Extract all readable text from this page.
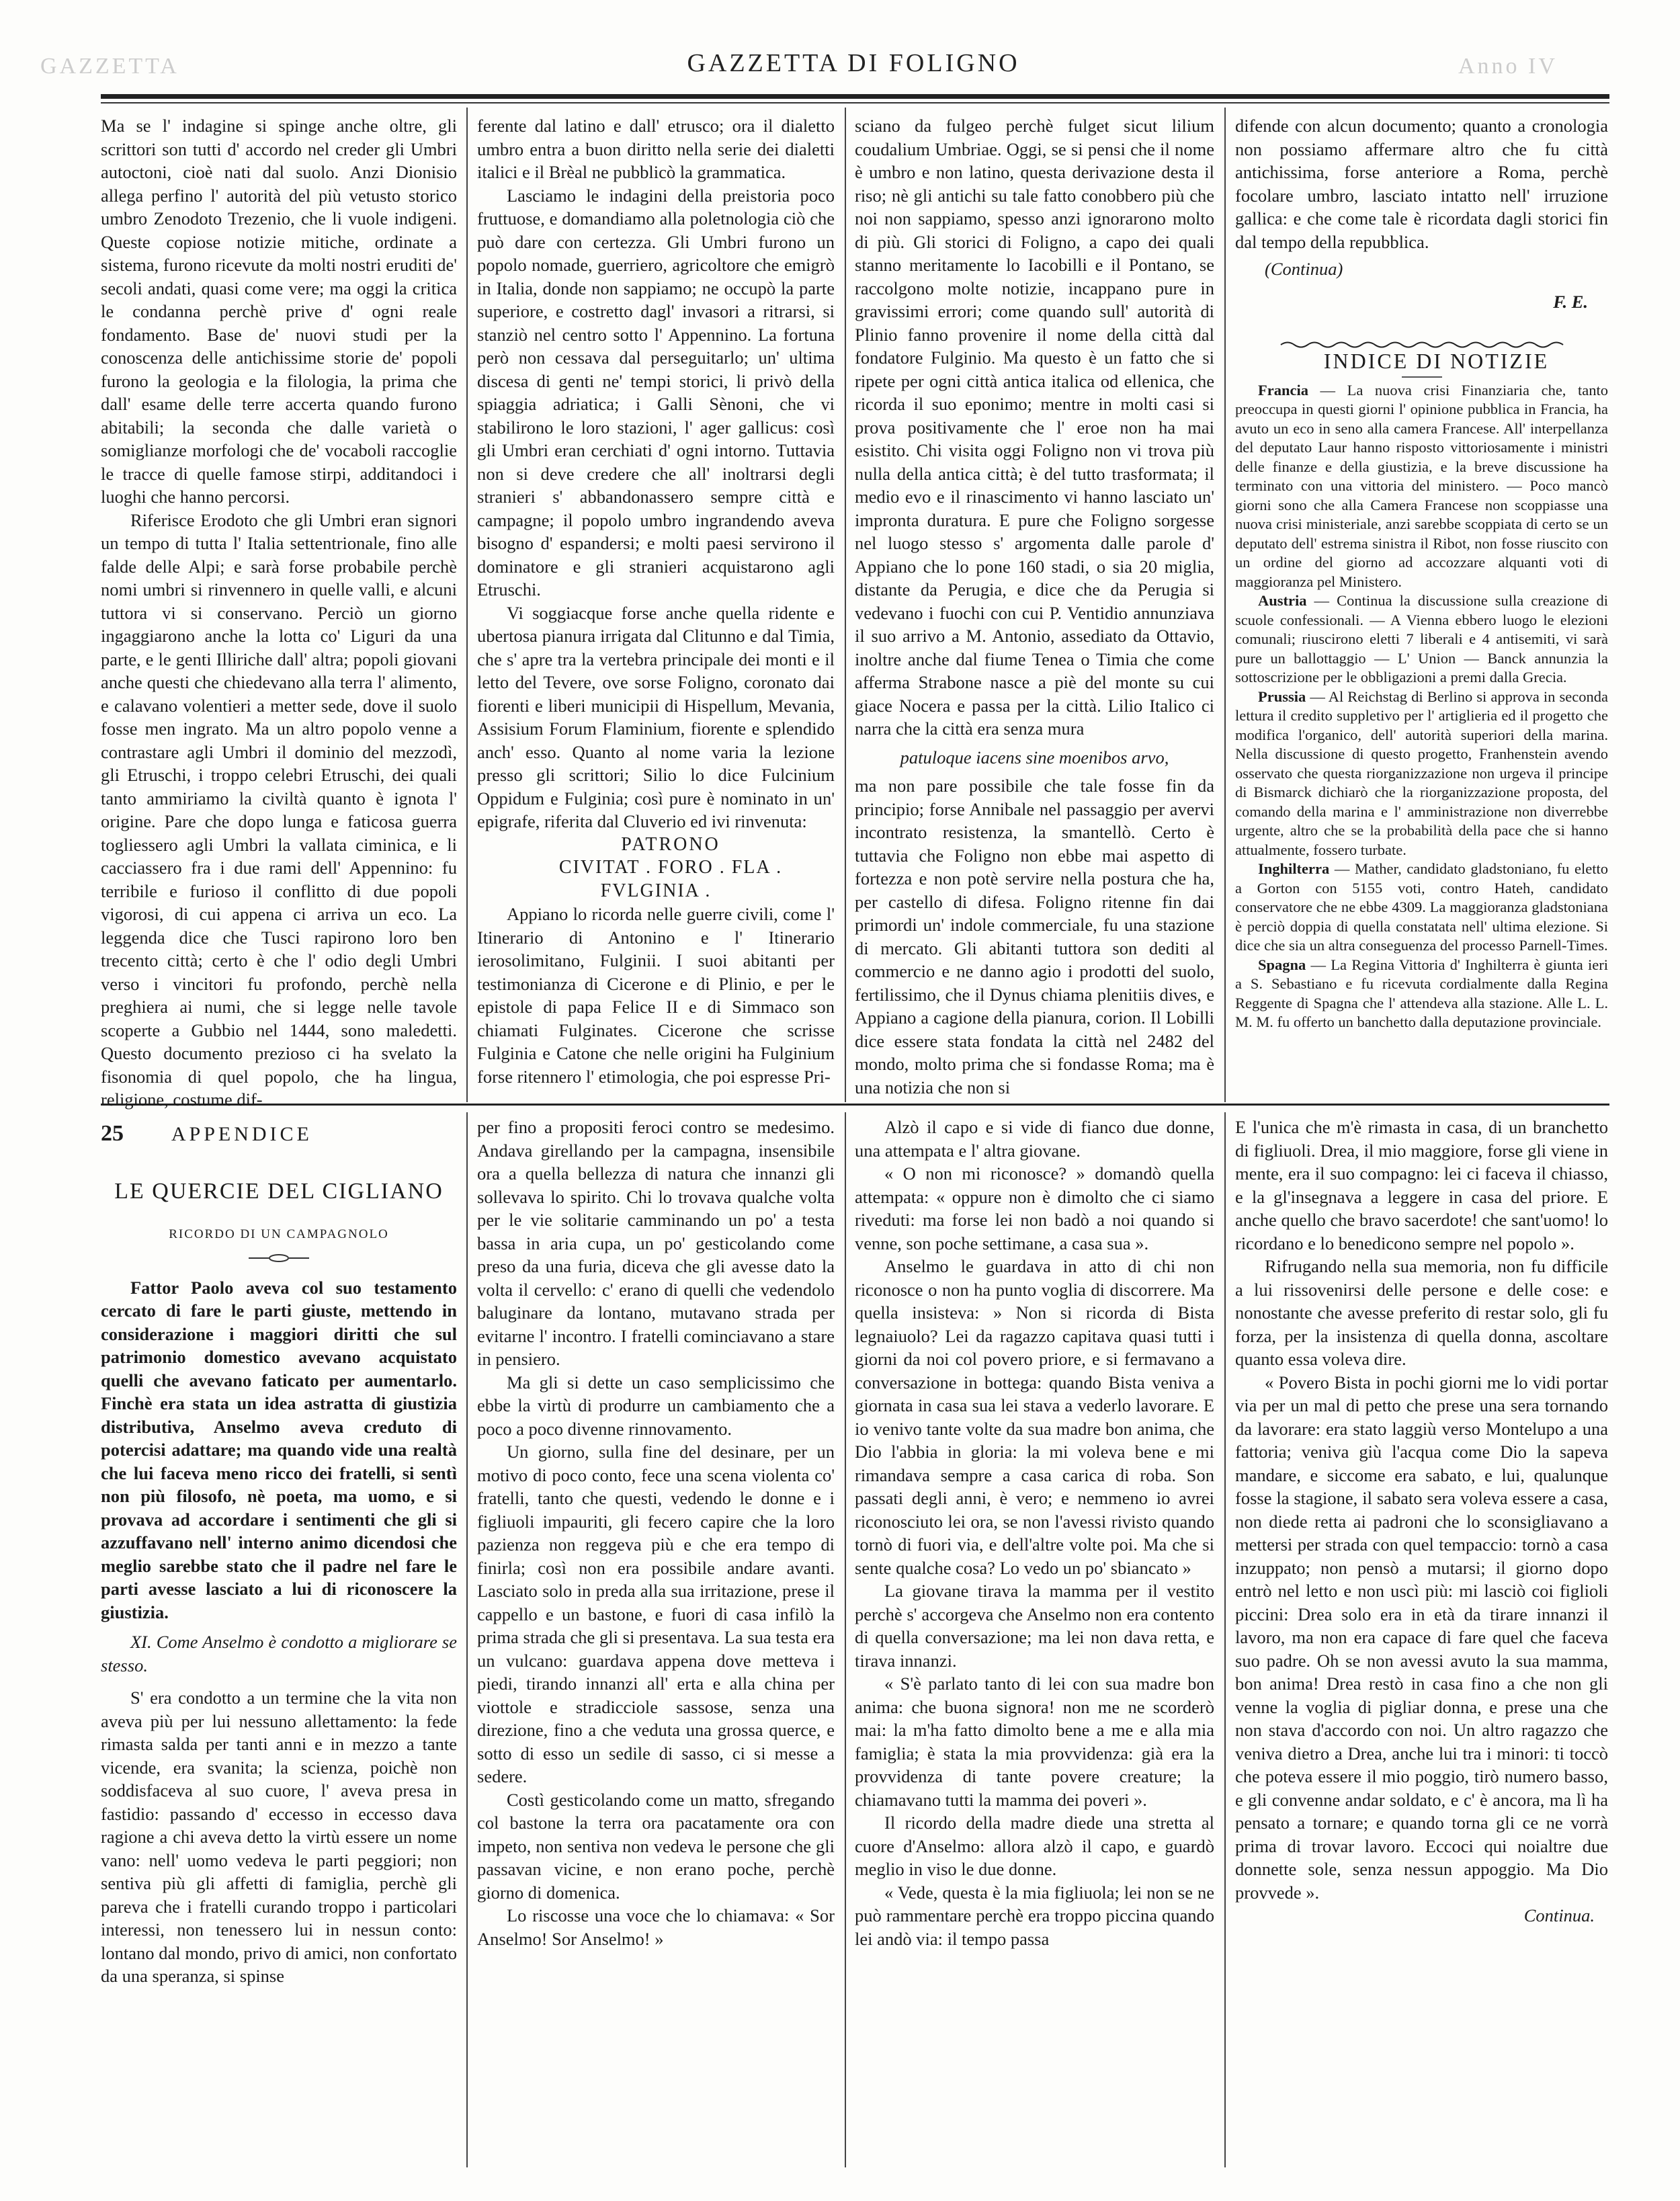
GAZZETTA	GAZZETTA DI FOLIGNO	Anno IV

Ma se l' indagine si spinge anche oltre, gli scrittori son tutti d' accordo nel creder gli Umbri autoctoni, cioè nati dal suolo. Anzi Dionisio allega perfino l' autorità del più vetusto storico umbro Zenodoto Trezenio, che li vuole indigeni. Queste copiose notizie mitiche, ordinate a sistema, furono ricevute da molti nostri eruditi de' secoli andati, quasi come vere; ma oggi la critica le condanna perchè prive d' ogni reale fondamento. Base de' nuovi studi per la conoscenza delle antichissime storie de' popoli furono la geologia e la filologia, la prima che dall' esame delle terre accerta quando furono abitabili; la seconda che dalle varietà o somiglianze morfologi che de' vocaboli raccoglie le tracce di quelle famose stirpi, additandoci i luoghi che hanno percorsi.

Riferisce Erodoto che gli Umbri eran signori un tempo di tutta l' Italia settentrionale, fino alle falde delle Alpi; e sarà forse probabile perchè nomi umbri si rinvennero in quelle valli, e alcuni tuttora vi si conservano. Perciò un giorno ingaggiarono anche la lotta co' Liguri da una parte, e le genti Illiriche dall' altra; popoli giovani anche questi che chiedevano alla terra l' alimento, e calavano volentieri a metter sede, dove il suolo fosse men ingrato. Ma un altro popolo venne a contrastare agli Umbri il dominio del mezzodì, gli Etruschi, i troppo celebri Etruschi, dei quali tanto ammiriamo la civiltà quanto è ignota l' origine. Pare che dopo lunga e faticosa guerra togliessero agli Umbri la vallata ciminica, e li cacciassero fra i due rami dell' Appennino: fu terribile e furioso il conflitto di due popoli vigorosi, di cui appena ci arriva un eco. La leggenda dice che Tusci rapirono loro ben trecento città; certo è che l' odio degli Umbri verso i vincitori fu profondo, perchè nella preghiera ai numi, che si legge nelle tavole scoperte a Gubbio nel 1444, sono maledetti. Questo documento prezioso ci ha svelato la fisonomia di quel popolo, che ha lingua, religione, costume dif-

ferente dal latino e dall' etrusco; ora il dialetto umbro entra a buon diritto nella serie dei dialetti italici e il Brèal ne pubblicò la grammatica.

Lasciamo le indagini della preistoria poco fruttuose, e domandiamo alla poletnologia ciò che può dare con certezza. Gli Umbri furono un popolo nomade, guerriero, agricoltore che emigrò in Italia, donde non sappiamo; ne occupò la parte superiore, e costretto dagl' invasori a ritrarsi, si stanziò nel centro sotto l' Appennino. La fortuna però non cessava dal perseguitarlo; un' ultima discesa di genti ne' tempi storici, li privò della spiaggia adriatica; i Galli Sènoni, che vi stabilirono le loro stazioni, l' ager gallicus: così gli Umbri eran cerchiati d' ogni intorno. Tuttavia non si deve credere che all' inoltrarsi degli stranieri s' abbandonassero sempre città e campagne; il popolo umbro ingrandendo aveva bisogno d' espandersi; e molti paesi servirono il dominatore e gli stranieri acquistarono agli Etruschi.

Vi soggiacque forse anche quella ridente e ubertosa pianura irrigata dal Clitunno e dal Timia, che s' apre tra la vertebra principale dei monti e il letto del Tevere, ove sorse Foligno, coronato dai fiorenti e liberi municipii di Hispellum, Mevania, Assisium Forum Flaminium, fiorente e splendido anch' esso. Quanto al nome varia la lezione presso gli scrittori; Silio lo dice Fulcinium Oppidum e Fulginia; così pure è nominato in un' epigrafe, riferita dal Cluverio ed ivi rinvenuta:

PATRONO

CIVITAT . FORO . FLA . FVLGINIA .

Appiano lo ricorda nelle guerre civili, come l' Itinerario di Antonino e l' Itinerario ierosolimitano, Fulginii. I suoi abitanti per testimonianza di Cicerone e di Plinio, e per le epistole di papa Felice II e di Simmaco son chiamati Fulginates. Cicerone che scrisse Fulginia e Catone che nelle origini ha Fulginium forse ritennero l' etimologia, che poi espresse Pri-

sciano da fulgeo perchè fulget sicut lilium coudalium Umbriae. Oggi, se si pensi che il nome è umbro e non latino, questa derivazione desta il riso; nè gli antichi su tale fatto conobbero più che noi non sappiamo, spesso anzi ignorarono molto di più. Gli storici di Foligno, a capo dei quali stanno meritamente lo Iacobilli e il Pontano, se raccolgono molte notizie, incappano pure in gravissimi errori; come quando sull' autorità di Plinio fanno provenire il nome della città dal fondatore Fulginio. Ma questo è un fatto che si ripete per ogni città antica italica od ellenica, che ricorda il suo eponimo; mentre in molti casi si prova positivamente che l' eroe non ha mai esistito. Chi visita oggi Foligno non vi trova più nulla della antica città; è del tutto trasformata; il medio evo e il rinascimento vi hanno lasciato un' impronta duratura. E pure che Foligno sorgesse nel luogo stesso s' argomenta dalle parole d' Appiano che lo pone 160 stadi, o sia 20 miglia, distante da Perugia, e dice che da Perugia si vedevano i fuochi con cui P. Ventidio annunziava il suo arrivo a M. Antonio, assediato da Ottavio, inoltre anche dal fiume Tenea o Timia che come afferma Strabone nasce a piè del monte su cui giace Nocera e passa per la città. Lilio Italico ci narra che la città era senza mura

patuloque iacens sine moenibos arvo,

ma non pare possibile che tale fosse fin da principio; forse Annibale nel passaggio per avervi incontrato resistenza, la smantellò. Certo è tuttavia che Foligno non ebbe mai aspetto di fortezza e non potè servire nella postura che ha, per castello di difesa. Foligno ritenne fin dai primordi un' indole commerciale, fu una stazione di mercato. Gli abitanti tuttora son dediti al commercio e ne danno agio i prodotti del suolo, fertilissimo, che il Dynus chiama plenitiis dives, e Appiano a cagione della pianura, corion. Il Lobilli dice essere stata fondata la città nel 2482 del mondo, molto prima che si fondasse Roma; ma è una notizia che non si

difende con alcun documento; quanto a cronologia non possiamo affermare altro che fu città antichissima, forse anteriore a Roma, perchè focolare umbro, lasciato intatto nell' irruzione gallica: e che come tale è ricordata dagli storici fin dal tempo della repubblica.

(Continua)

F. E.

INDICE DI NOTIZIE

Francia — La nuova crisi Finanziaria che, tanto preoccupa in questi giorni l' opinione pubblica in Francia, ha avuto un eco in seno alla camera Francese. All' interpellanza del deputato Laur hanno risposto vittoriosamente i ministri delle finanze e della giustizia, e la breve discussione ha terminato con una vittoria del ministero. — Poco mancò giorni sono che alla Camera Francese non scoppiasse una nuova crisi ministeriale, anzi sarebbe scoppiata di certo se un deputato dell' estrema sinistra il Ribot, non fosse riuscito con un ordine del giorno ad accozzare alquanti voti di maggioranza pel Ministero.

Austria — Continua la discussione sulla creazione di scuole confessionali. — A Vienna ebbero luogo le elezioni comunali; riuscirono eletti 7 liberali e 4 antisemiti, vi sarà pure un ballottaggio — L' Union — Banck annunzia la sottoscrizione per le obbligazioni a premi dalla Grecia.

Prussia — Al Reichstag di Berlino si approva in seconda lettura il credito suppletivo per l' artiglieria ed il progetto che modifica l'organico, dell' autorità superiori della marina. Nella discussione di questo progetto, Franhenstein avendo osservato che questa riorganizzazione non urgeva il principe di Bismarck dichiarò che la riorganizzazione proposta, del comando della marina e l' amministrazione non diverrebbe urgente, altro che se la probabilità della pace che si hanno attualmente, fossero turbate.

Inghilterra — Mather, candidato gladstoniano, fu eletto a Gorton con 5155 voti, contro Hateh, candidato conservatore che ne ebbe 4309. La maggioranza gladstoniana è perciò doppia di quella constatata nell' ultima elezione. Si dice che sia un altra conseguenza del processo Parnell-Times.

Spagna — La Regina Vittoria d' Inghilterra è giunta ieri a S. Sebastiano e fu ricevuta cordialmente dalla Regina Reggente di Spagna che l' attendeva alla stazione. Alle L. L. M. M. fu offerto un banchetto dalla deputazione provinciale.

25 APPENDICE
LE QUERCIE DEL CIGLIANO
RICORDO DI UN CAMPAGNOLO

Fattor Paolo aveva col suo testamento cercato di fare le parti giuste, mettendo in considerazione i maggiori diritti che sul patrimonio domestico avevano acquistato quelli che avevano faticato per aumentarlo. Finchè era stata un idea astratta di giustizia distributiva, Anselmo aveva creduto di potercisi adattare; ma quando vide una realtà che lui faceva meno ricco dei fratelli, si sentì non più filosofo, nè poeta, ma uomo, e si provava ad accordare i sentimenti che gli si azzuffavano nell' interno animo dicendosi che meglio sarebbe stato che il padre nel fare le parti avesse lasciato a lui di riconoscere la giustizia.

XI. Come Anselmo è condotto a migliorare se stesso.

S' era condotto a un termine che la vita non aveva più per lui nessuno allettamento: la fede rimasta salda per tanti anni e in mezzo a tante vicende, era svanita; la scienza, poichè non soddisfaceva al suo cuore, l' aveva presa in fastidio: passando d' eccesso in eccesso dava ragione a chi aveva detto la virtù essere un nome vano: nell' uomo vedeva le parti peggiori; non sentiva più gli affetti di famiglia, perchè gli pareva che i fratelli curando troppo i particolari interessi, non tenessero lui in nessun conto: lontano dal mondo, privo di amici, non confortato da una speranza, si spinse

per fino a propositi feroci contro se medesimo. Andava girellando per la campagna, insensibile ora a quella bellezza di natura che innanzi gli sollevava lo spirito. Chi lo trovava qualche volta per le vie solitarie camminando un po' a testa bassa in aria cupa, un po' gesticolando come preso da una furia, diceva che gli avesse dato la volta il cervello: c' erano di quelli che vedendolo baluginare da lontano, mutavano strada per evitarne l' incontro. I fratelli cominciavano a stare in pensiero.

Ma gli si dette un caso semplicissimo che ebbe la virtù di produrre un cambiamento che a poco a poco divenne rinnovamento.

Un giorno, sulla fine del desinare, per un motivo di poco conto, fece una scena violenta co' fratelli, tanto che questi, vedendo le donne e i figliuoli impauriti, gli fecero capire che la loro pazienza non reggeva più e che era tempo di finirla; così non era possibile andare avanti. Lasciato solo in preda alla sua irritazione, prese il cappello e un bastone, e fuori di casa infilò la prima strada che gli si presentava. La sua testa era un vulcano: guardava appena dove metteva i piedi, tirando innanzi all' erta e alla china per viottole e stradicciole sassose, senza una direzione, fino a che veduta una grossa querce, e sotto di esso un sedile di sasso, ci si messe a sedere.

Costì gesticolando come un matto, sfregando col bastone la terra ora pacatamente ora con impeto, non sentiva non vedeva le persone che gli passavan vicine, e non erano poche, perchè giorno di domenica.

Lo riscosse una voce che lo chiamava: « Sor Anselmo! Sor Anselmo! »

Alzò il capo e si vide di fianco due donne, una attempata e l' altra giovane.

« O non mi riconosce? » domandò quella attempata: « oppure non è dimolto che ci siamo riveduti: ma forse lei non badò a noi quando si venne, son poche settimane, a casa sua ».

Anselmo le guardava in atto di chi non riconosce o non ha punto voglia di discorrere. Ma quella insisteva: » Non si ricorda di Bista legnaiuolo? Lei da ragazzo capitava quasi tutti i giorni da noi col povero priore, e si fermavano a conversazione in bottega: quando Bista veniva a giornata in casa sua lei stava a vederlo lavorare. E io venivo tante volte da sua madre bon anima, che Dio l'abbia in gloria: la mi voleva bene e mi rimandava sempre a casa carica di roba. Son passati degli anni, è vero; e nemmeno io avrei riconosciuto lei ora, se non l'avessi rivisto quando tornò di fuori via, e dell'altre volte poi. Ma che si sente qualche cosa? Lo vedo un po' sbiancato »

La giovane tirava la mamma per il vestito perchè s' accorgeva che Anselmo non era contento di quella conversazione; ma lei non dava retta, e tirava innanzi.

« S'è parlato tanto di lei con sua madre bon anima: che buona signora! non me ne scorderò mai: la m'ha fatto dimolto bene a me e alla mia famiglia; è stata la mia provvidenza: già era la provvidenza di tante povere creature; la chiamavano tutti la mamma dei poveri ».

Il ricordo della madre diede una stretta al cuore d'Anselmo: allora alzò il capo, e guardò meglio in viso le due donne.

« Vede, questa è la mia figliuola; lei non se ne può rammentare perchè era troppo piccina quando lei andò via: il tempo passa

E l'unica che m'è rimasta in casa, di un branchetto di figliuoli. Drea, il mio maggiore, forse gli viene in mente, era il suo compagno: lei ci faceva il chiasso, e la gl'insegnava a leggere in casa del priore. E anche quello che bravo sacerdote! che sant'uomo! lo ricordano e lo benedicono sempre nel popolo ».

Rifrugando nella sua memoria, non fu difficile a lui rissovenirsi delle persone e delle cose: e nonostante che avesse preferito di restar solo, gli fu forza, per la insistenza di quella donna, ascoltare quanto essa voleva dire.

« Povero Bista in pochi giorni me lo vidi portar via per un mal di petto che prese una sera tornando da lavorare: era stato laggiù verso Montelupo a una fattoria; veniva giù l'acqua come Dio la sapeva mandare, e siccome era sabato, e lui, qualunque fosse la stagione, il sabato sera voleva essere a casa, non diede retta ai padroni che lo sconsigliavano a mettersi per strada con quel tempaccio: tornò a casa inzuppato; non pensò a mutarsi; il giorno dopo entrò nel letto e non uscì più: mi lasciò coi figlioli piccini: Drea solo era in età da tirare innanzi il lavoro, ma non era capace di fare quel che faceva suo padre. Oh se non avessi avuto la sua mamma, bon anima! Drea restò in casa fino a che non gli venne la voglia di pigliar donna, e prese una che non stava d'accordo con noi. Un altro ragazzo che veniva dietro a Drea, anche lui tra i minori: ti toccò che poteva essere il mio poggio, tirò numero basso, e gli convenne andar soldato, e c' è ancora, ma lì ha pensato a tornare; e quando torna gli ce ne vorrà prima di trovar lavoro. Eccoci qui noialtre due donnette sole, senza nessun appoggio. Ma Dio provvede ».

Continua.
